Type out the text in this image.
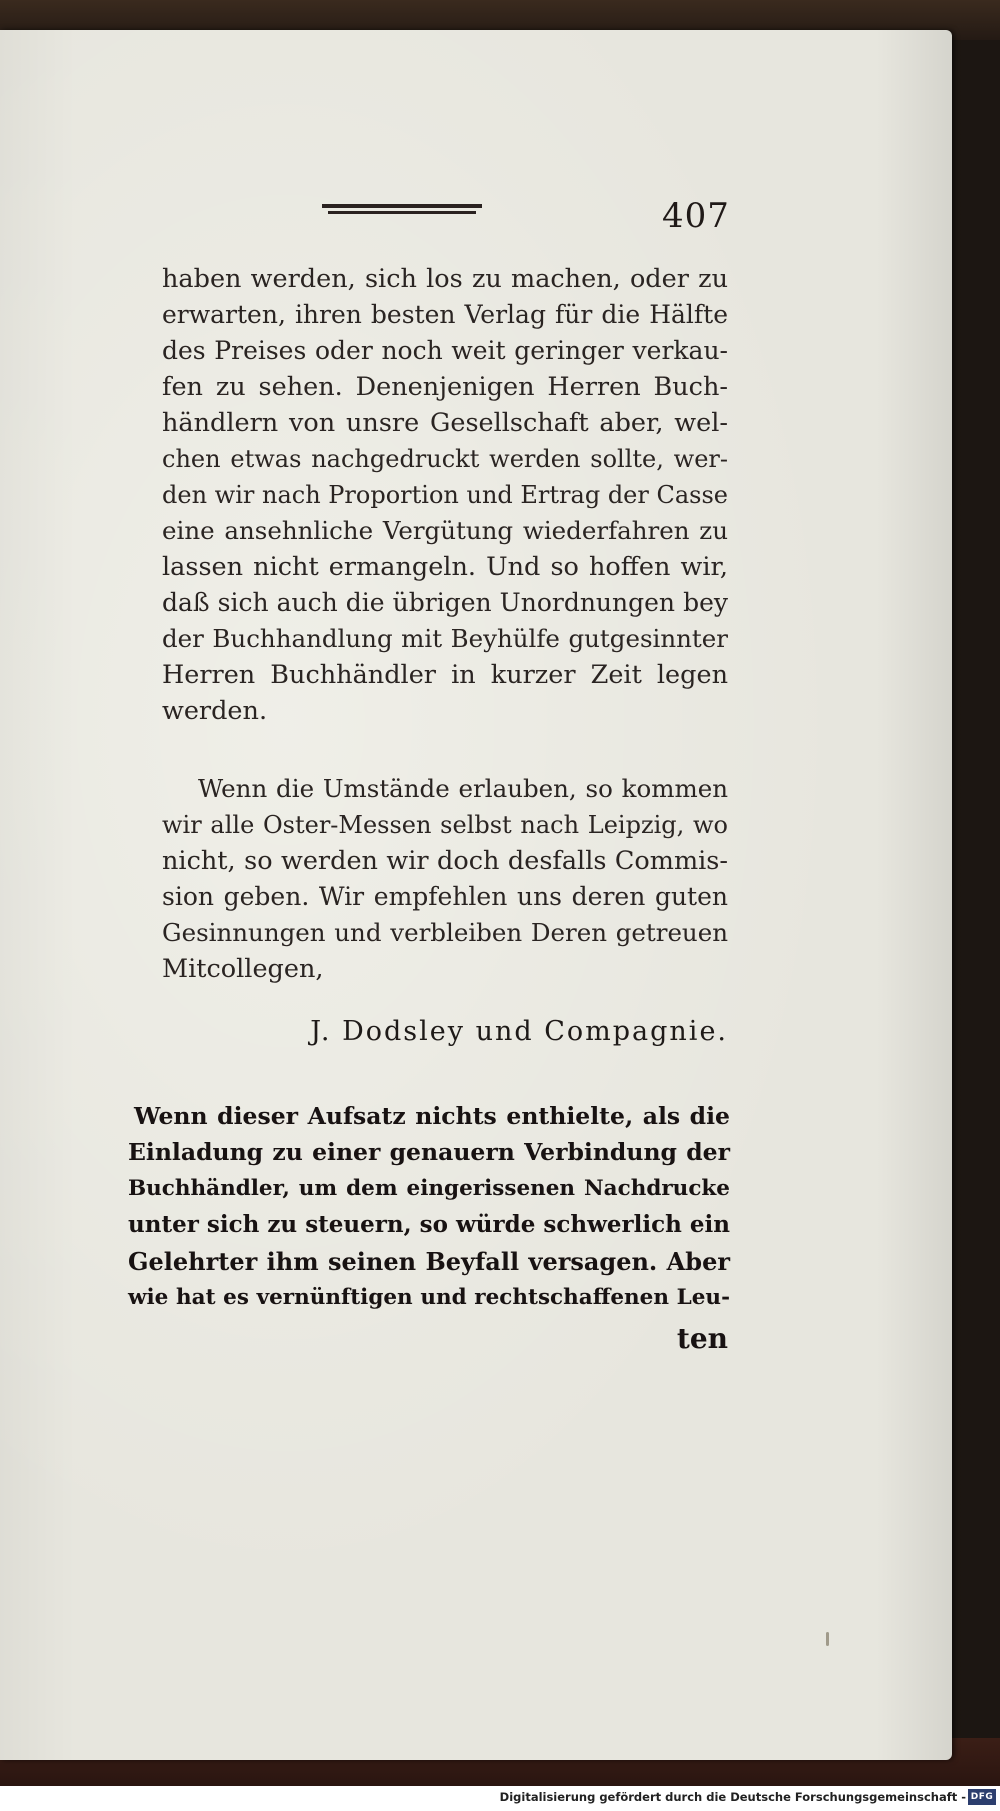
407
haben werden, sich los zu machen, oder zu
erwarten, ihren besten Verlag für die Hälfte
des Preises oder noch weit geringer verkau-
fen zu sehen. Denenjenigen Herren Buch-
händlern von unsre Gesellschaft aber, wel-
chen etwas nachgedruckt werden sollte, wer-
den wir nach Proportion und Ertrag der Casse
eine ansehnliche Vergütung wiederfahren zu
lassen nicht ermangeln. Und so hoffen wir,
daß sich auch die übrigen Unordnungen bey
der Buchhandlung mit Beyhülfe gutgesinnter
Herren Buchhändler in kurzer Zeit legen
werden.
Wenn die Umstände erlauben, so kommen
wir alle Oster-Messen selbst nach Leipzig, wo
nicht, so werden wir doch desfalls Commis-
sion geben. Wir empfehlen uns deren guten
Gesinnungen und verbleiben Deren getreuen
Mitcollegen,
J. Dodsley und Compagnie.
Wenn dieser Aufsatz nichts enthielte, als die
Einladung zu einer genauern Verbindung der
Buchhändler, um dem eingerissenen Nachdrucke
unter sich zu steuern, so würde schwerlich ein
Gelehrter ihm seinen Beyfall versagen. Aber
wie hat es vernünftigen und rechtschaffenen Leu-
ten
Digitalisierung gefördert durch die Deutsche Forschungsgemeinschaft - DFG
